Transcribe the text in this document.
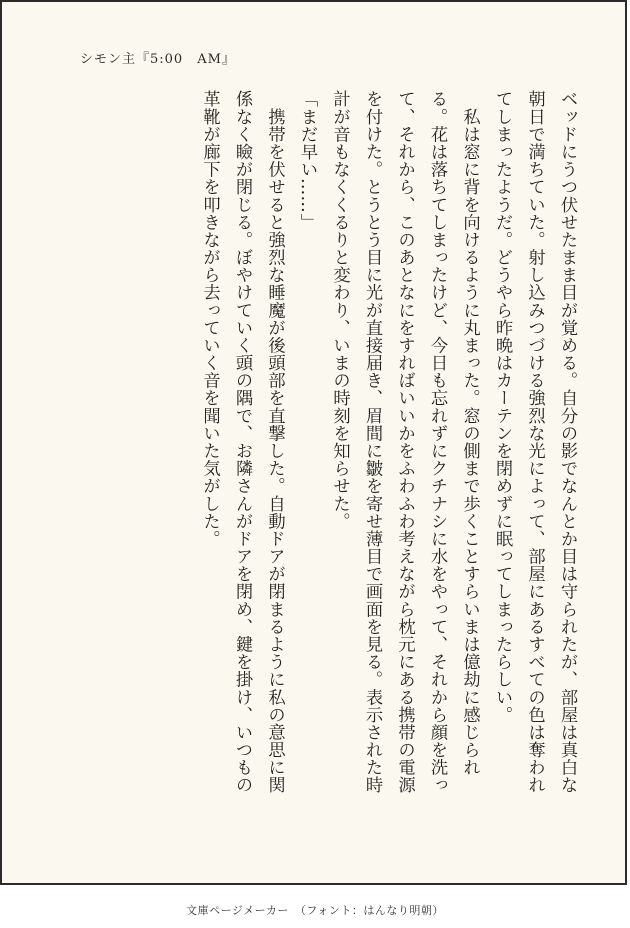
シモン主『5:00　AM』

ベッドにうつ伏せたまま目が覚める。自分の影でなんとか目は守られたが、部屋は真白な朝日で満ちていた。射し込みつづける強烈な光によって、部屋にあるすべての色は奪われてしまったようだ。どうやら昨晩はカーテンを閉めずに眠ってしまったらしい。

　私は窓に背を向けるように丸まった。窓の側まで歩くことすらいまは億劫に感じられる。花は落ちてしまったけど、今日も忘れずにクチナシに水をやって、それから顔を洗って、それから、このあとなにをすればいいかをふわふわ考えながら枕元にある携帯の電源を付けた。とうとう目に光が直接届き、眉間に皺を寄せ薄目で画面を見る。表示された時計が音もなくくるりと変わり、いまの時刻を知らせた。

「まだ早い……」

　携帯を伏せると強烈な睡魔が後頭部を直撃した。自動ドアが閉まるように私の意思に関係なく瞼が閉じる。ぼやけていく頭の隅で、お隣さんがドアを閉め、鍵を掛け、いつもの革靴が廊下を叩きながら去っていく音を聞いた気がした。

文庫ページメーカー　（フォント：はんなり明朝）
